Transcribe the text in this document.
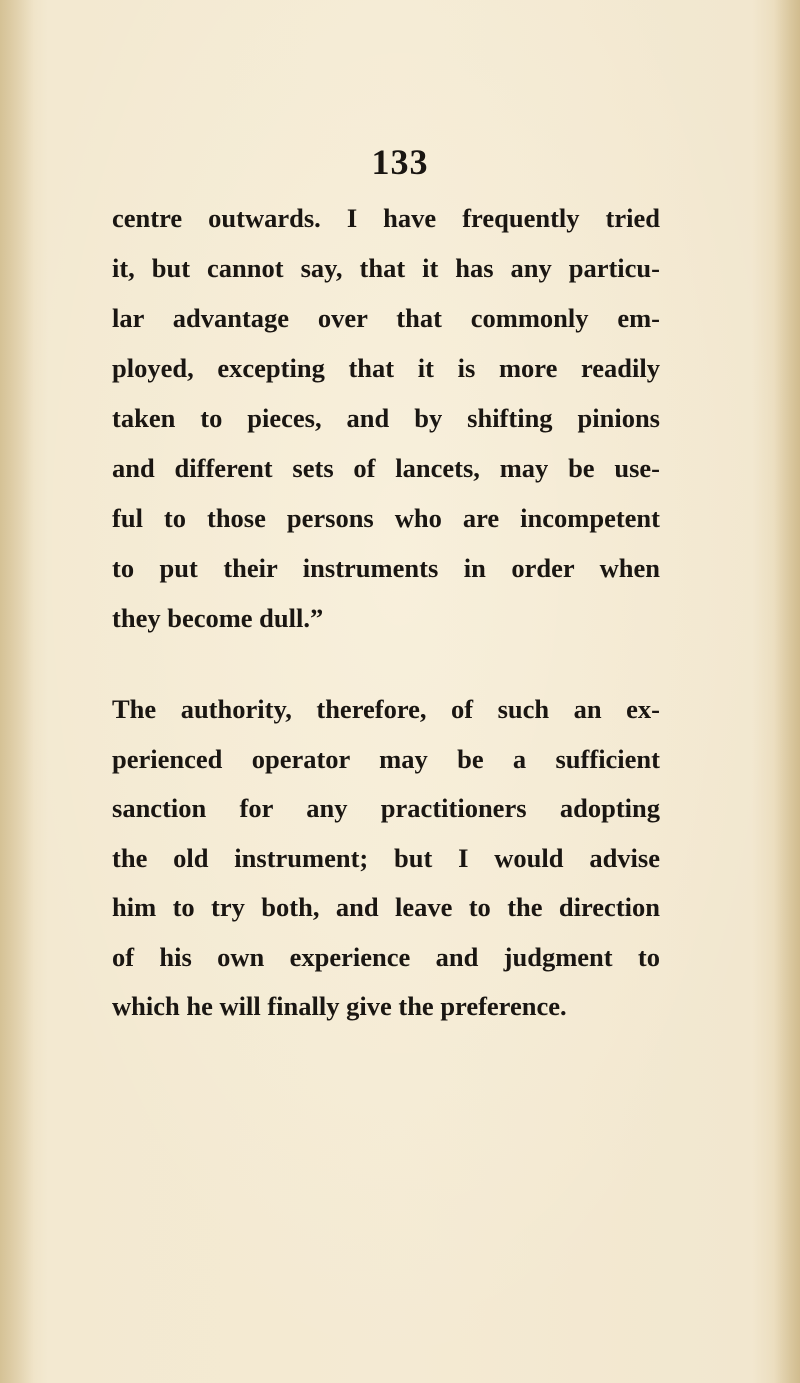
133
centre outwards. I have frequently tried
it, but cannot say, that it has any particu-
lar advantage over that commonly em-
ployed, excepting that it is more readily
taken to pieces, and by shifting pinions
and different sets of lancets, may be use-
ful to those persons who are incompetent
to put their instruments in order when
they become dull.”
The authority, therefore, of such an ex-
perienced operator may be a sufficient
sanction for any practitioners adopting
the old instrument; but I would advise
him to try both, and leave to the direction
of his own experience and judgment to
which he will finally give the preference.
